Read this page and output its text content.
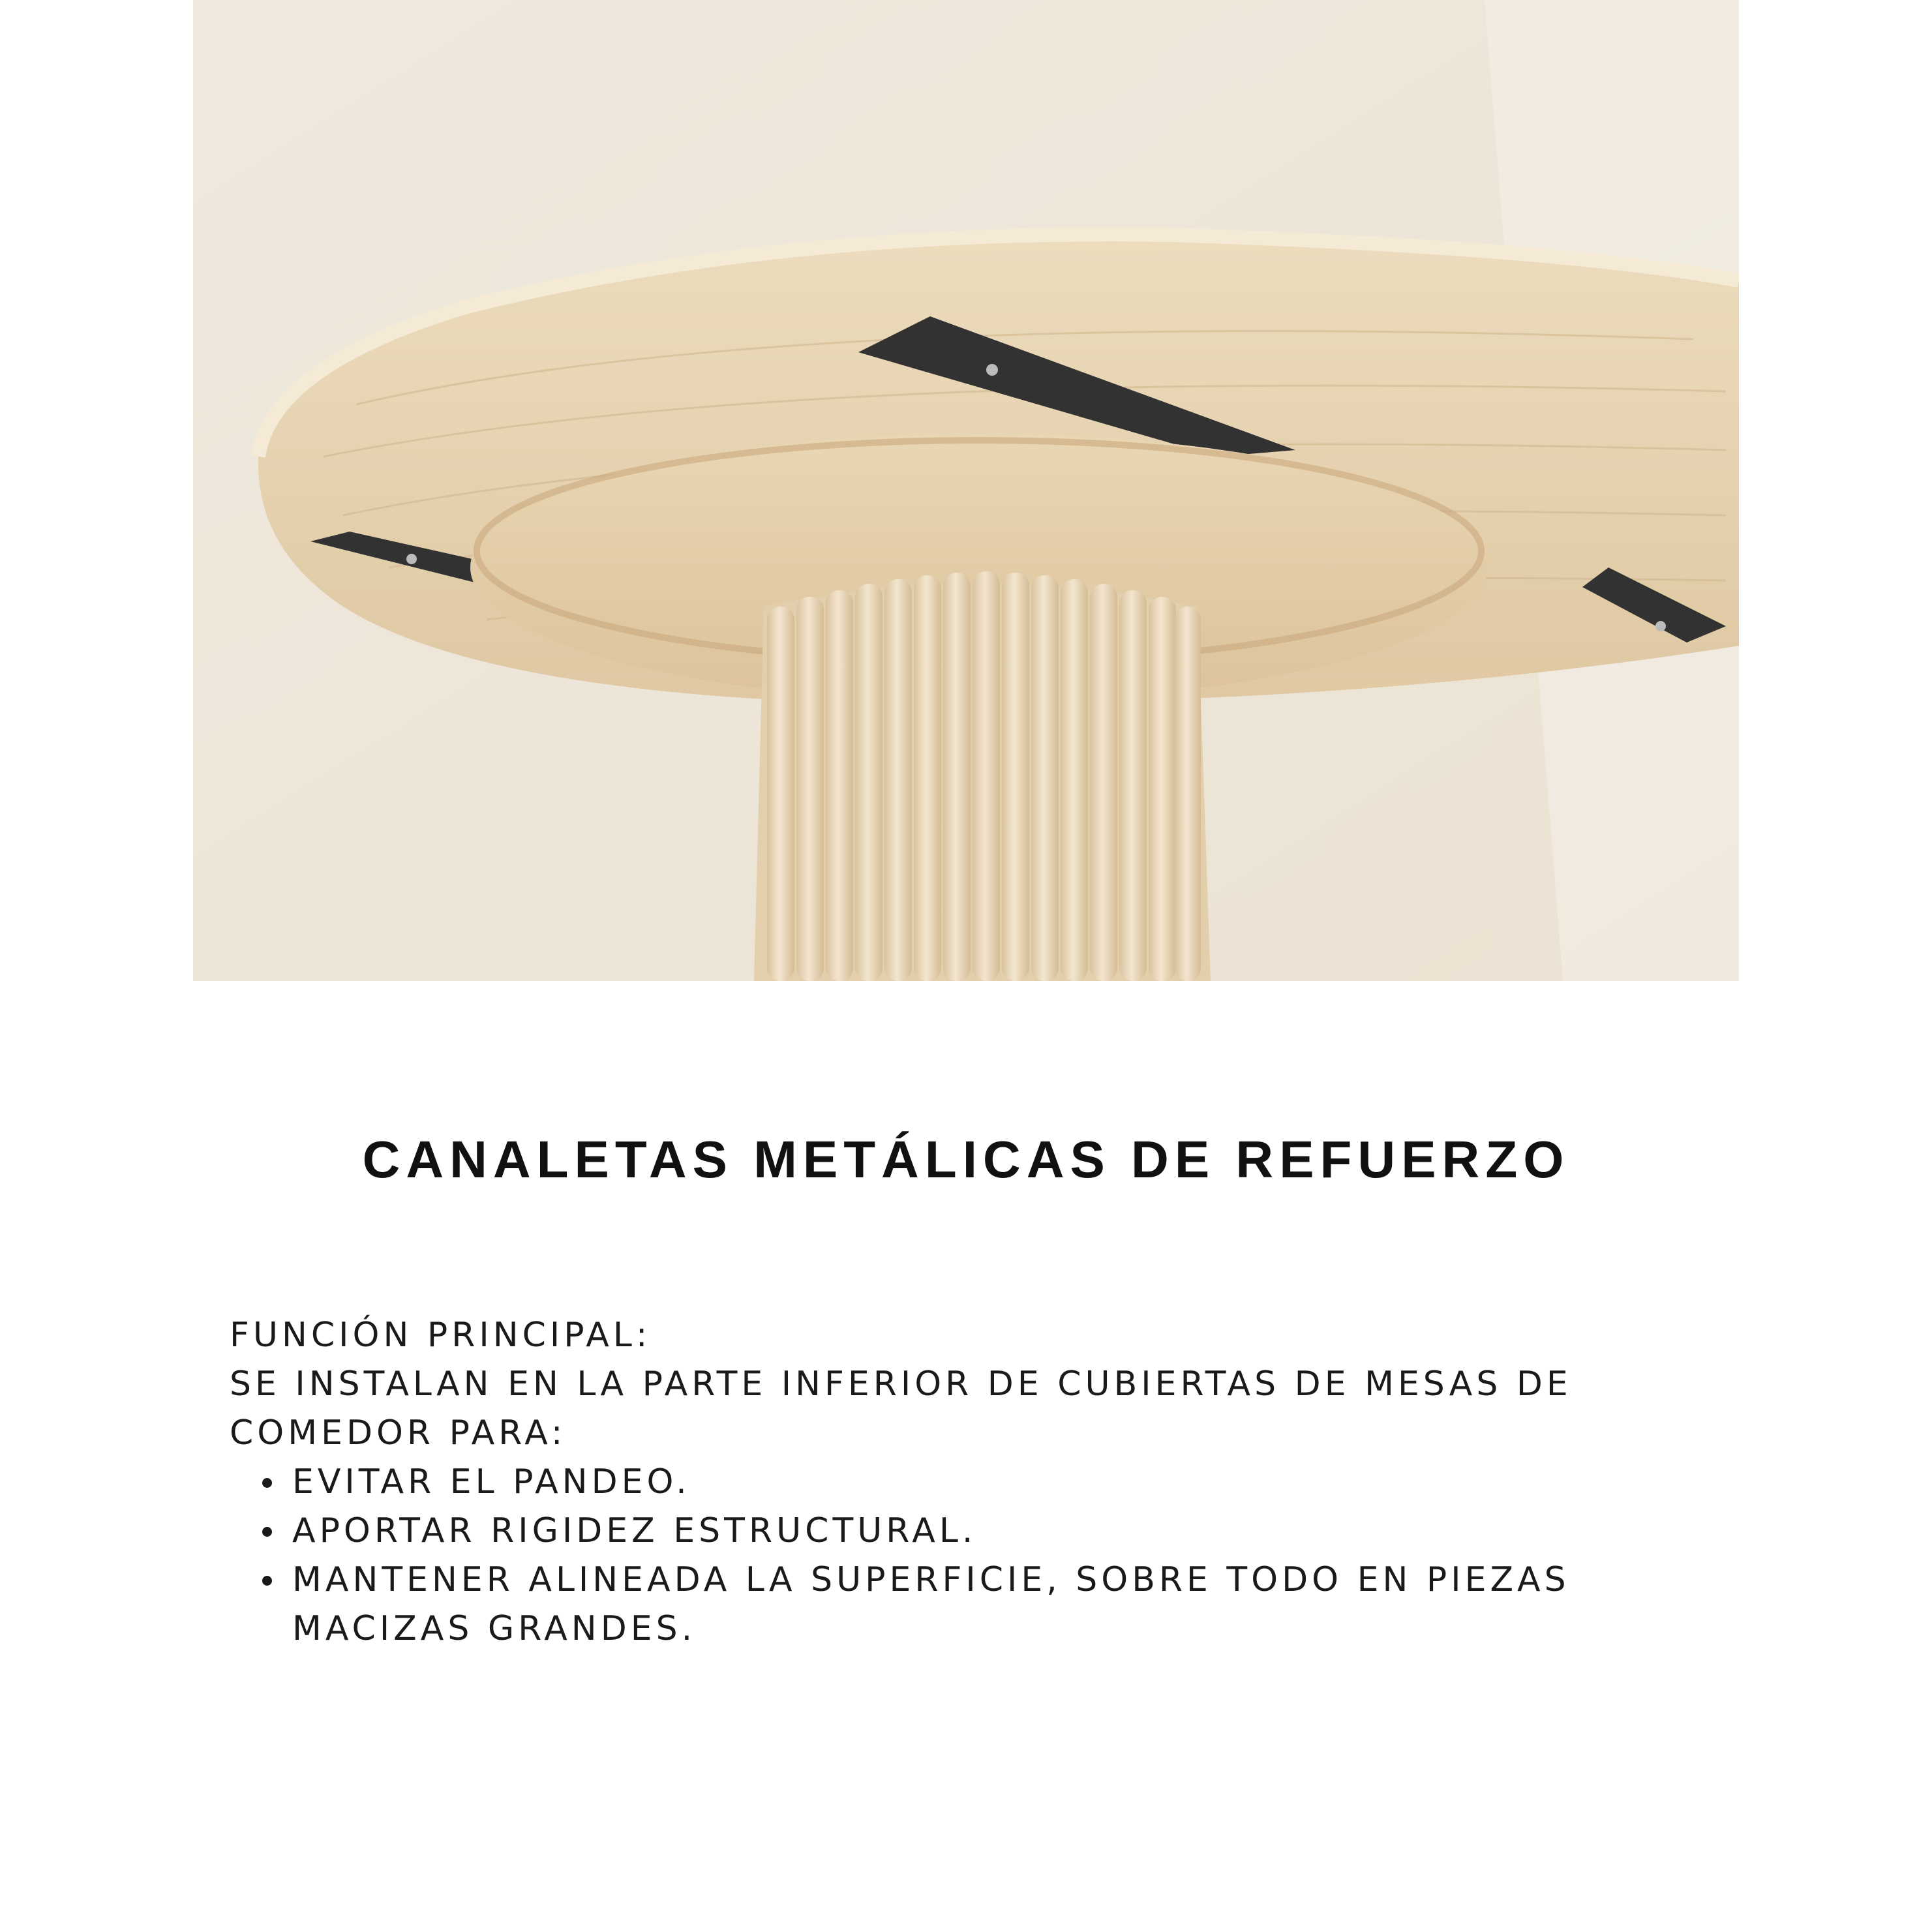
CANALETAS METÁLICAS DE REFUERZO

FUNCIÓN PRINCIPAL:

SE INSTALAN EN LA PARTE INFERIOR DE CUBIERTAS DE MESAS DE COMEDOR PARA:

EVITAR EL PANDEO.
APORTAR RIGIDEZ ESTRUCTURAL.
MANTENER ALINEADA LA SUPERFICIE, SOBRE TODO EN PIEZAS MACIZAS GRANDES.
